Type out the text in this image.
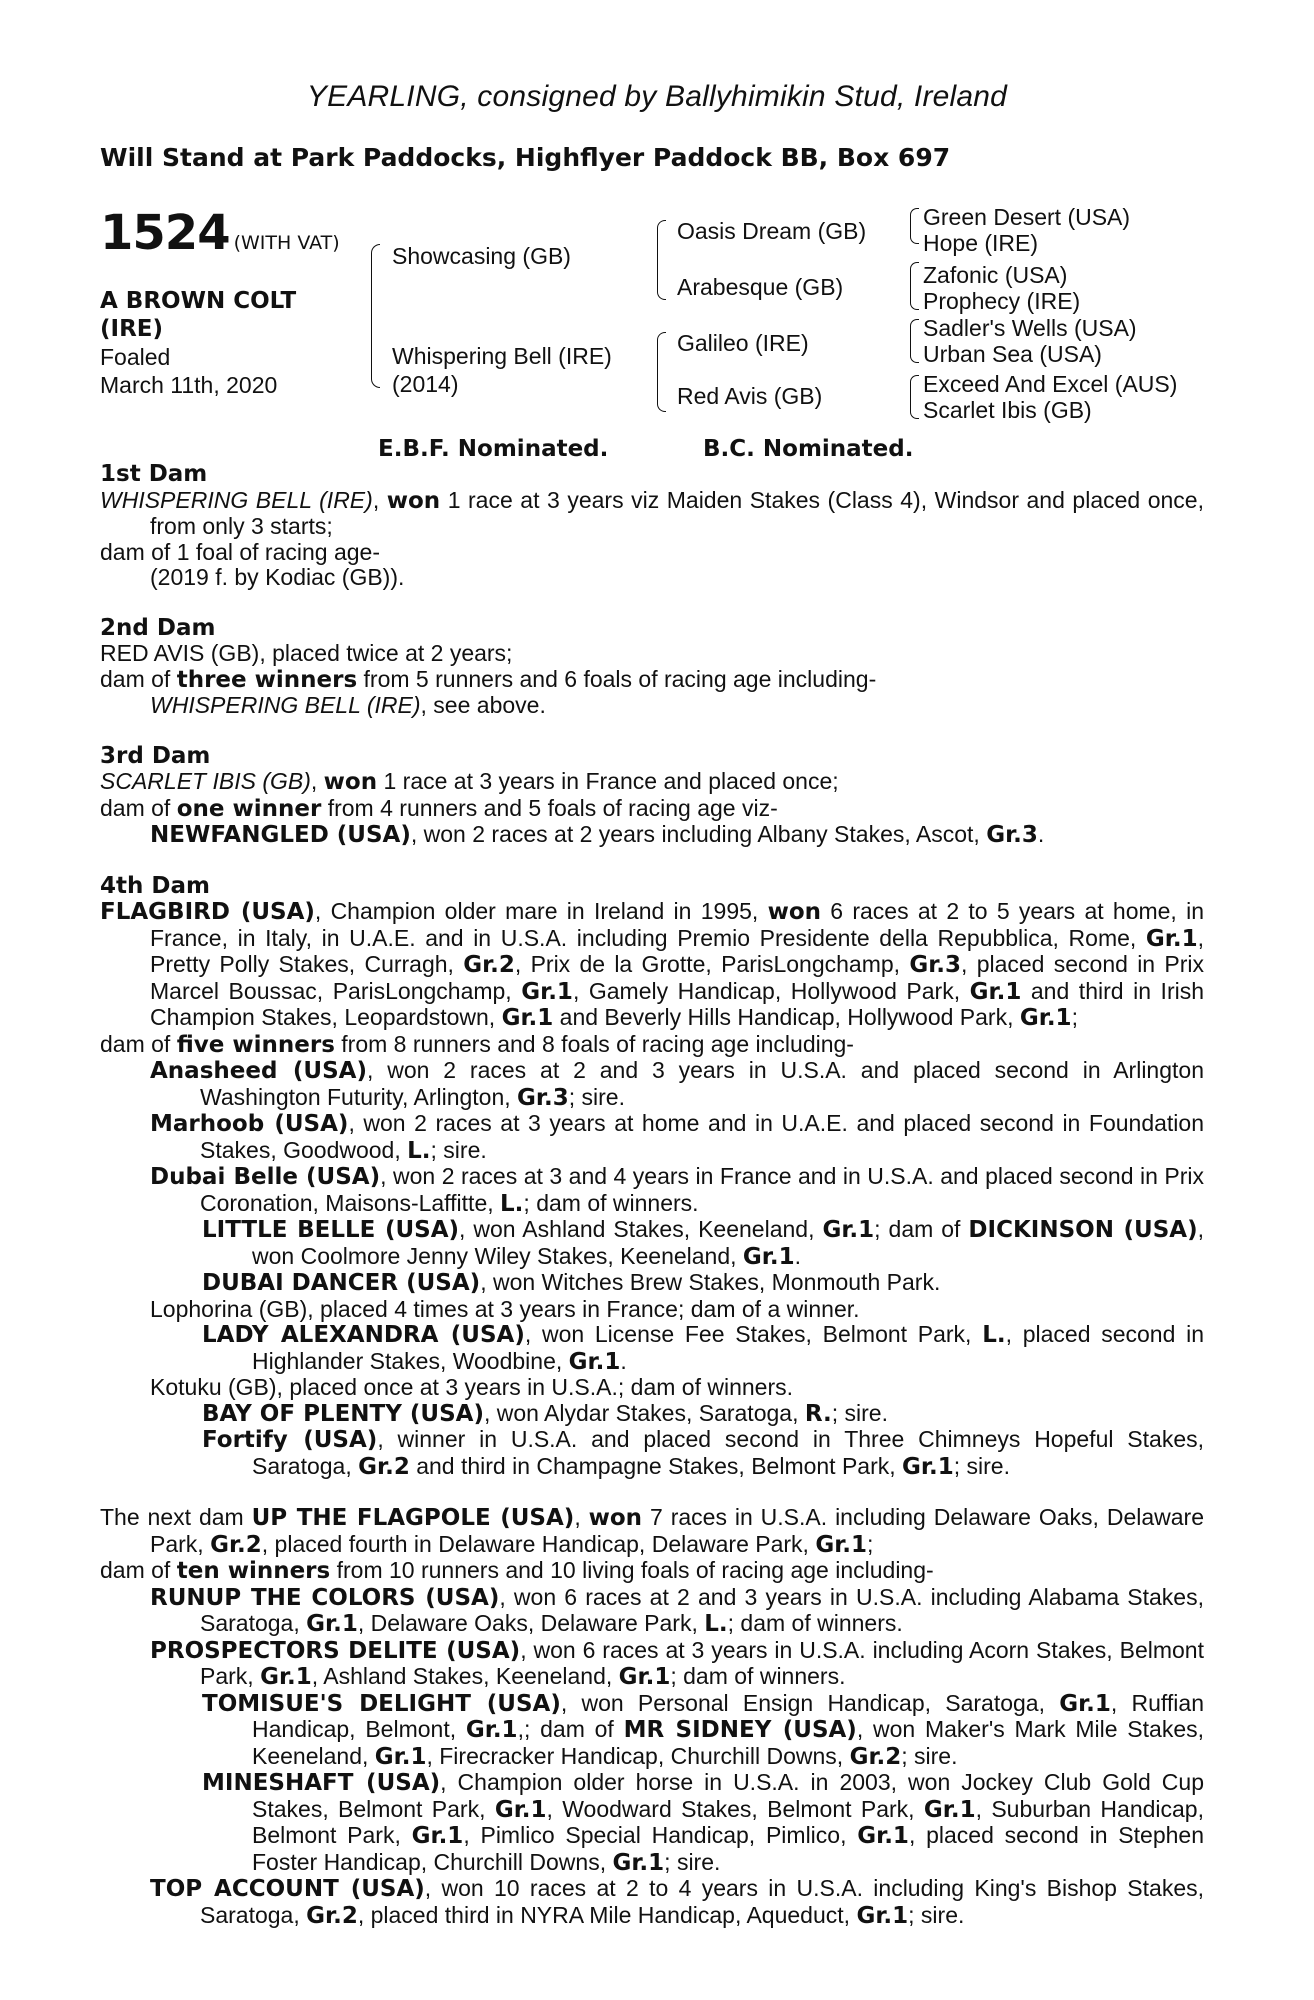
YEARLING, consigned by Ballyhimikin Stud, Ireland
Will Stand at Park Paddocks, Highflyer Paddock BB, Box 697
1524 (WITH VAT)
A BROWN COLT
(IRE)
Foaled
March 11th, 2020
Showcasing (GB)
Whispering Bell (IRE)
(2014)
Oasis Dream (GB)
Arabesque (GB)
Galileo (IRE)
Red Avis (GB)
Green Desert (USA)
Hope (IRE)
Zafonic (USA)
Prophecy (IRE)
Sadler's Wells (USA)
Urban Sea (USA)
Exceed And Excel (AUS)
Scarlet Ibis (GB)
E.B.F. Nominated.	B.C. Nominated.
1st Dam
WHISPERING BELL (IRE), won 1 race at 3 years viz Maiden Stakes (Class 4), Windsor and placed once, from only 3 starts;
dam of 1 foal of racing age-
(2019 f. by Kodiac (GB)).
2nd Dam
RED AVIS (GB), placed twice at 2 years;
dam of three winners from 5 runners and 6 foals of racing age including-
WHISPERING BELL (IRE), see above.
3rd Dam
SCARLET IBIS (GB), won 1 race at 3 years in France and placed once;
dam of one winner from 4 runners and 5 foals of racing age viz-
NEWFANGLED (USA), won 2 races at 2 years including Albany Stakes, Ascot, Gr.3.
4th Dam
FLAGBIRD (USA), Champion older mare in Ireland in 1995, won 6 races at 2 to 5 years at home, in France, in Italy, in U.A.E. and in U.S.A. including Premio Presidente della Repubblica, Rome, Gr.1, Pretty Polly Stakes, Curragh, Gr.2, Prix de la Grotte, ParisLongchamp, Gr.3, placed second in Prix Marcel Boussac, ParisLongchamp, Gr.1, Gamely Handicap, Hollywood Park, Gr.1 and third in Irish Champion Stakes, Leopardstown, Gr.1 and Beverly Hills Handicap, Hollywood Park, Gr.1;
dam of five winners from 8 runners and 8 foals of racing age including-
Anasheed (USA), won 2 races at 2 and 3 years in U.S.A. and placed second in Arlington Washington Futurity, Arlington, Gr.3; sire.
Marhoob (USA), won 2 races at 3 years at home and in U.A.E. and placed second in Foundation Stakes, Goodwood, L.; sire.
Dubai Belle (USA), won 2 races at 3 and 4 years in France and in U.S.A. and placed second in Prix Coronation, Maisons-Laffitte, L.; dam of winners.
LITTLE BELLE (USA), won Ashland Stakes, Keeneland, Gr.1; dam of DICKINSON (USA), won Coolmore Jenny Wiley Stakes, Keeneland, Gr.1.
DUBAI DANCER (USA), won Witches Brew Stakes, Monmouth Park.
Lophorina (GB), placed 4 times at 3 years in France; dam of a winner.
LADY ALEXANDRA (USA), won License Fee Stakes, Belmont Park, L., placed second in Highlander Stakes, Woodbine, Gr.1.
Kotuku (GB), placed once at 3 years in U.S.A.; dam of winners.
BAY OF PLENTY (USA), won Alydar Stakes, Saratoga, R.; sire.
Fortify (USA), winner in U.S.A. and placed second in Three Chimneys Hopeful Stakes, Saratoga, Gr.2 and third in Champagne Stakes, Belmont Park, Gr.1; sire.
The next dam UP THE FLAGPOLE (USA), won 7 races in U.S.A. including Delaware Oaks, Delaware Park, Gr.2, placed fourth in Delaware Handicap, Delaware Park, Gr.1;
dam of ten winners from 10 runners and 10 living foals of racing age including-
RUNUP THE COLORS (USA), won 6 races at 2 and 3 years in U.S.A. including Alabama Stakes, Saratoga, Gr.1, Delaware Oaks, Delaware Park, L.; dam of winners.
PROSPECTORS DELITE (USA), won 6 races at 3 years in U.S.A. including Acorn Stakes, Belmont Park, Gr.1, Ashland Stakes, Keeneland, Gr.1; dam of winners.
TOMISUE'S DELIGHT (USA), won Personal Ensign Handicap, Saratoga, Gr.1, Ruffian Handicap, Belmont, Gr.1,; dam of MR SIDNEY (USA), won Maker's Mark Mile Stakes, Keeneland, Gr.1, Firecracker Handicap, Churchill Downs, Gr.2; sire.
MINESHAFT (USA), Champion older horse in U.S.A. in 2003, won Jockey Club Gold Cup Stakes, Belmont Park, Gr.1, Woodward Stakes, Belmont Park, Gr.1, Suburban Handicap, Belmont Park, Gr.1, Pimlico Special Handicap, Pimlico, Gr.1, placed second in Stephen Foster Handicap, Churchill Downs, Gr.1; sire.
TOP ACCOUNT (USA), won 10 races at 2 to 4 years in U.S.A. including King's Bishop Stakes, Saratoga, Gr.2, placed third in NYRA Mile Handicap, Aqueduct, Gr.1; sire.
